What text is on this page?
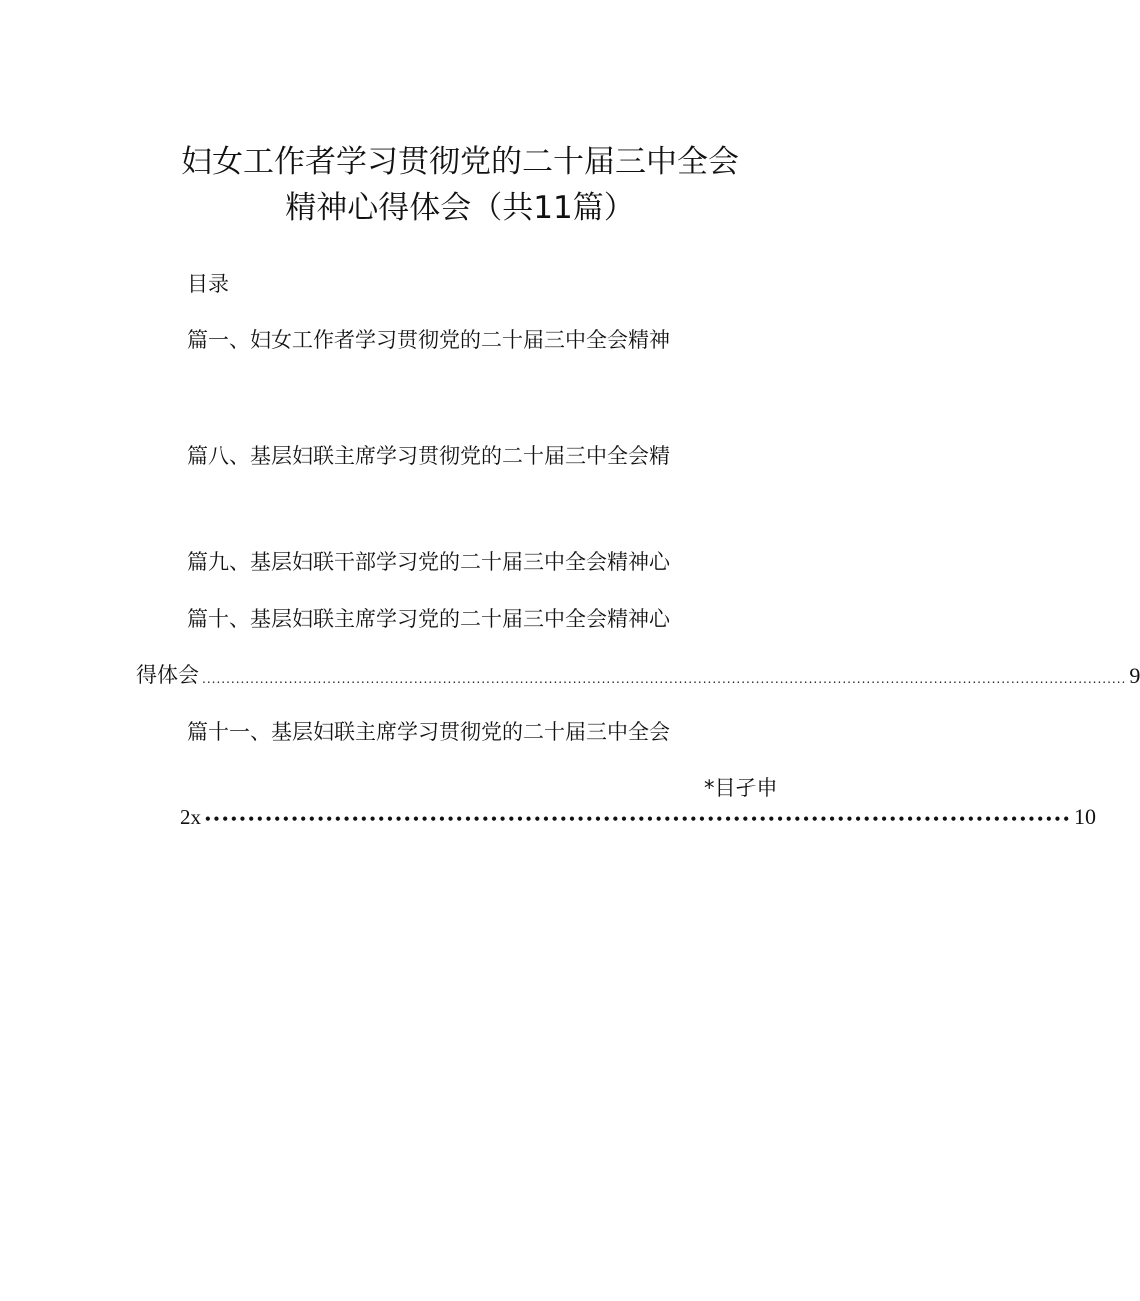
妇女工作者学习贯彻党的二十届三中全会
精神心得体会（共11篇）
目录
篇一、妇女工作者学习贯彻党的二十届三中全会精神
篇八、基层妇联主席学习贯彻党的二十届三中全会精
篇九、基层妇联干部学习党的二十届三中全会精神心
篇十、基层妇联主席学习党的二十届三中全会精神心
得体会 ................................................................................................................................................................................................ 9
篇十一、基层妇联主席学习贯彻党的二十届三中全会
*目孑申
2x •••••••••••••••••••••••••••••••••••••••••••••••••••••••••••••••••••••••••••••••••••••••••••••••••••• 10
